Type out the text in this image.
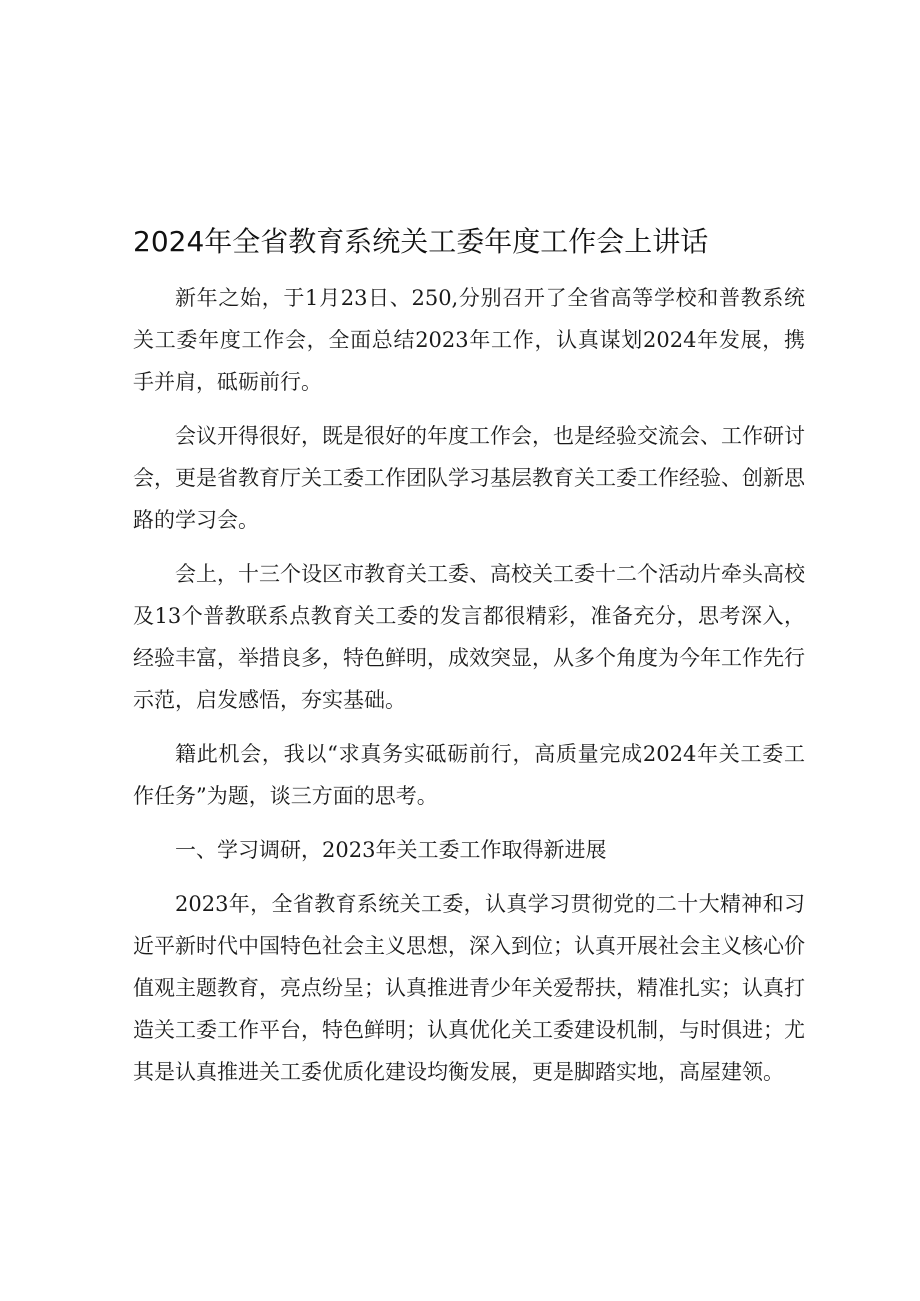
2024年全省教育系统关工委年度工作会上讲话

新年之始，于1月23日、250,分别召开了全省高等学校和普教系统关工委年度工作会，全面总结2023年工作，认真谋划2024年发展，携手并肩，砥砺前行。

会议开得很好，既是很好的年度工作会，也是经验交流会、工作研讨会，更是省教育厅关工委工作团队学习基层教育关工委工作经验、创新思路的学习会。

会上，十三个设区市教育关工委、高校关工委十二个活动片牵头高校及13个普教联系点教育关工委的发言都很精彩，准备充分，思考深入，经验丰富，举措良多，特色鲜明，成效突显，从多个角度为今年工作先行示范，启发感悟，夯实基础。

籍此机会，我以“求真务实砥砺前行，高质量完成2024年关工委工作任务”为题，谈三方面的思考。

一、学习调研，2023年关工委工作取得新进展

2023年，全省教育系统关工委，认真学习贯彻党的二十大精神和习近平新时代中国特色社会主义思想，深入到位；认真开展社会主义核心价值观主题教育，亮点纷呈；认真推进青少年关爱帮扶，精准扎实；认真打造关工委工作平台，特色鲜明；认真优化关工委建设机制，与时俱进；尤其是认真推进关工委优质化建设均衡发展，更是脚踏实地，高屋建领。
